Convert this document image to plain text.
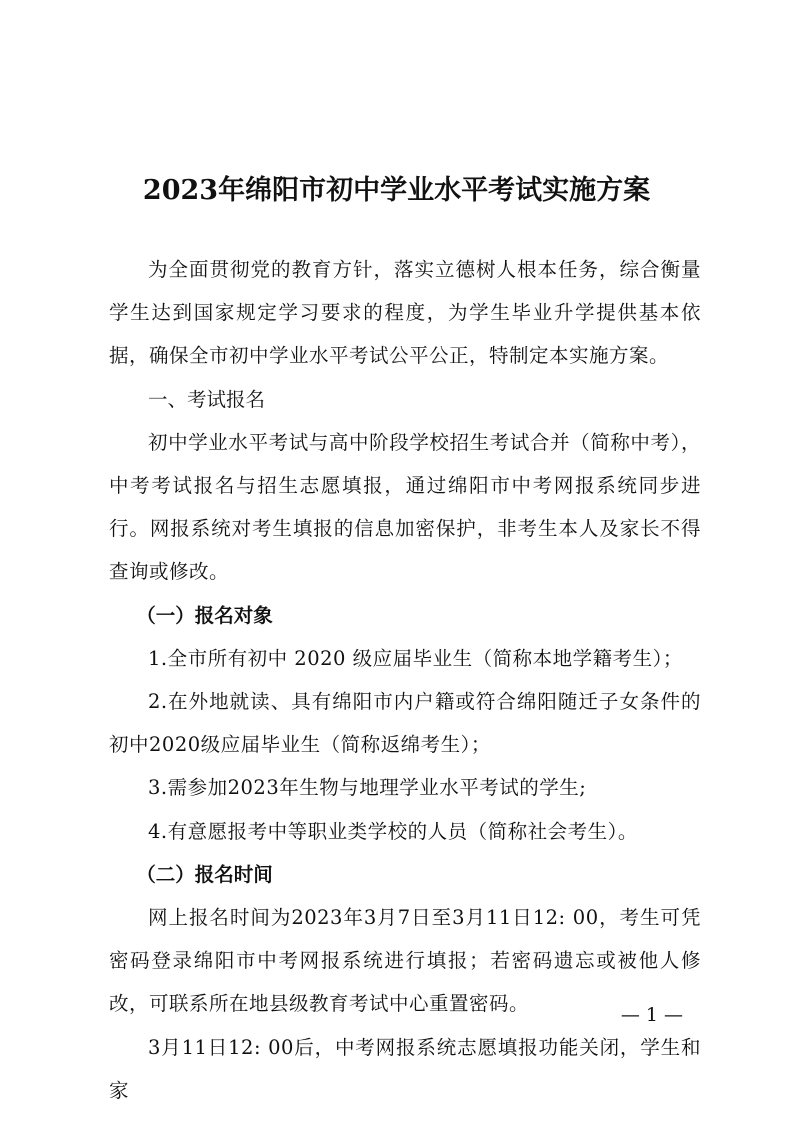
2023年绵阳市初中学业水平考试实施方案

为全面贯彻党的教育方针，落实立德树人根本任务，综合衡量学生达到国家规定学习要求的程度，为学生毕业升学提供基本依据，确保全市初中学业水平考试公平公正，特制定本实施方案。

一、考试报名

初中学业水平考试与高中阶段学校招生考试合并（简称中考），中考考试报名与招生志愿填报，通过绵阳市中考网报系统同步进行。网报系统对考生填报的信息加密保护，非考生本人及家长不得查询或修改。

（一）报名对象

1.全市所有初中 2020 级应届毕业生（简称本地学籍考生）；

2.在外地就读、具有绵阳市内户籍或符合绵阳随迁子女条件的初中2020级应届毕业生（简称返绵考生）；

3.需参加2023年生物与地理学业水平考试的学生;

4.有意愿报考中等职业类学校的人员（简称社会考生）。

（二）报名时间

网上报名时间为2023年3月7日至3月11日12: 00，考生可凭密码登录绵阳市中考网报系统进行填报；若密码遗忘或被他人修改，可联系所在地县级教育考试中心重置密码。

3月11日12: 00后，中考网报系统志愿填报功能关闭，学生和家

— 1 —
